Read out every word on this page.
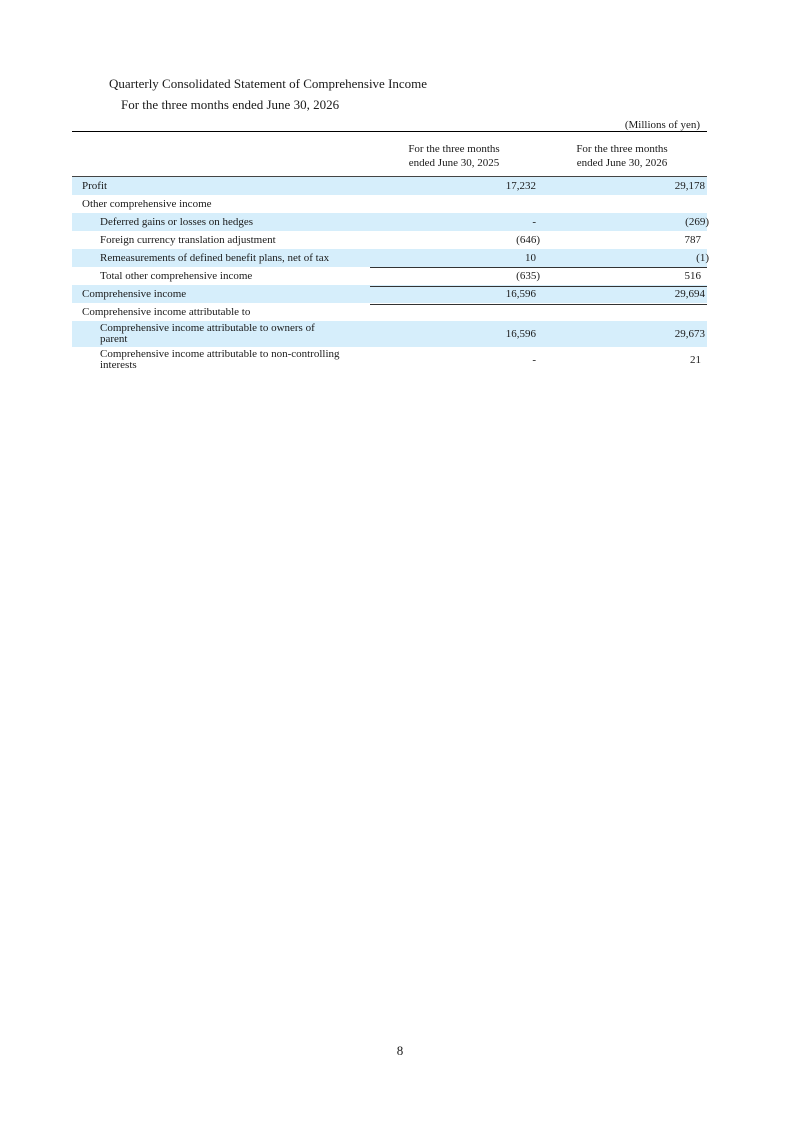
Quarterly Consolidated Statement of Comprehensive Income
For the three months ended June 30, 2026
(Millions of yen)
For the three months
ended June 30, 2025
For the three months
ended June 30, 2026
Profit	17,232	29,178
Other comprehensive income
Deferred gains or losses on hedges	-	(269)
Foreign currency translation adjustment	(646)	787
Remeasurements of defined benefit plans, net of tax	10	(1)
Total other comprehensive income	(635)	516
Comprehensive income	16,596	29,694
Comprehensive income attributable to
Comprehensive income attributable to owners of
parent	16,596	29,673
Comprehensive income attributable to non-controlling
interests	-	21
8
